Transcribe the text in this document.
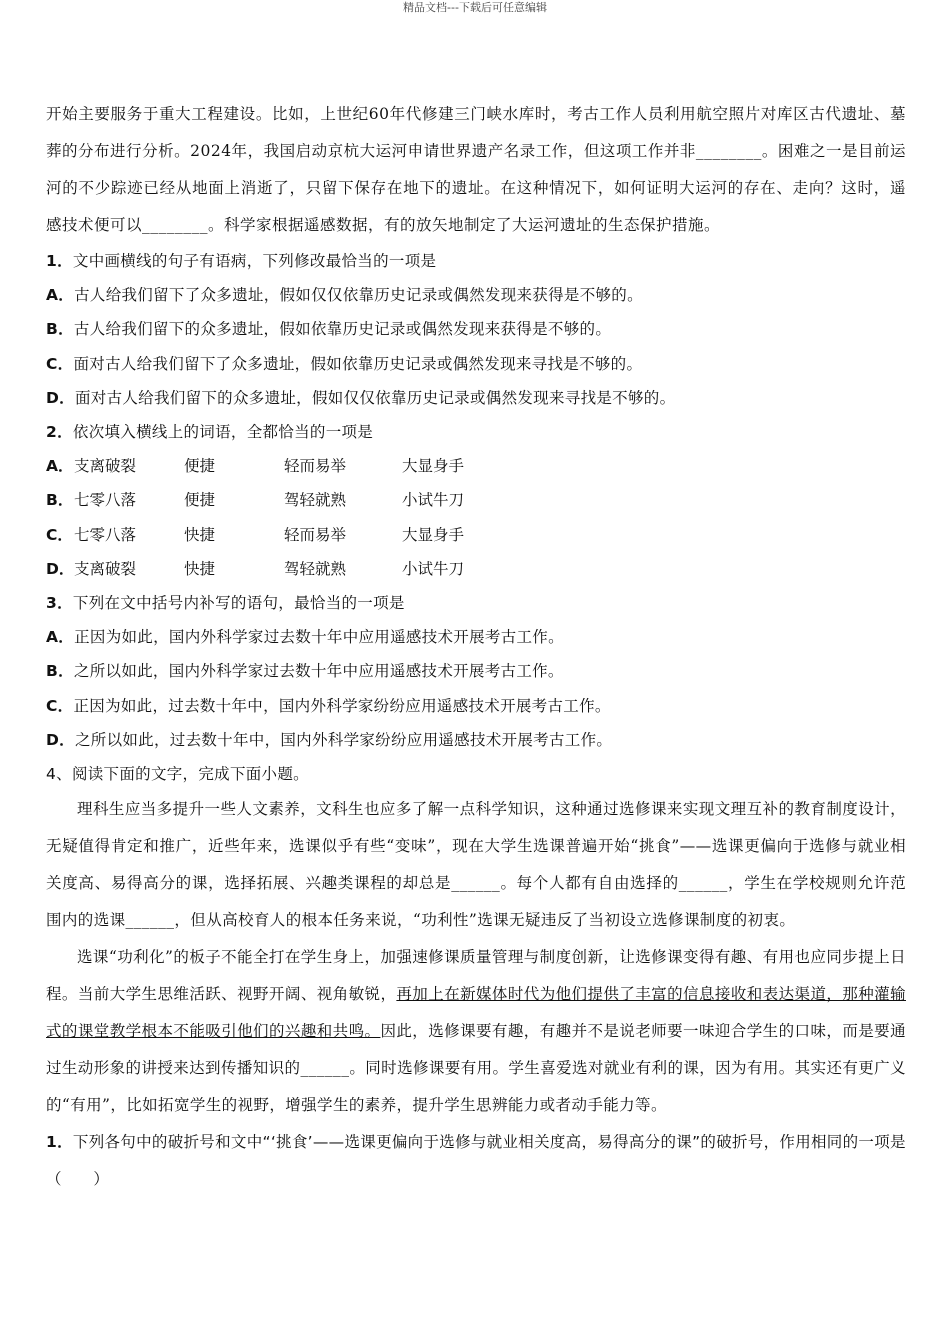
精品文档---下载后可任意编辑

开始主要服务于重大工程建设。比如，上世纪60年代修建三门峡水库时，考古工作人员利用航空照片对库区古代遗址、墓葬的分布进行分析。2024年，我国启动京杭大运河申请世界遗产名录工作，但这项工作并非________。困难之一是目前运河的不少踪迹已经从地面上消逝了，只留下保存在地下的遗址。在这种情况下，如何证明大运河的存在、走向？这时，遥感技术便可以________。科学家根据遥感数据，有的放矢地制定了大运河遗址的生态保护措施。

1．文中画横线的句子有语病，下列修改最恰当的一项是

A．古人给我们留下了众多遗址，假如仅仅依靠历史记录或偶然发现来获得是不够的。

B．古人给我们留下的众多遗址，假如依靠历史记录或偶然发现来获得是不够的。

C．面对古人给我们留下了众多遗址，假如依靠历史记录或偶然发现来寻找是不够的。

D．面对古人给我们留下的众多遗址，假如仅仅依靠历史记录或偶然发现来寻找是不够的。

2．依次填入横线上的词语，全都恰当的一项是

A． 支离破裂	便捷	轻而易举	大显身手
B． 七零八落	便捷	驾轻就熟	小试牛刀
C． 七零八落	快捷	轻而易举	大显身手
D． 支离破裂	快捷	驾轻就熟	小试牛刀

3．下列在文中括号内补写的语句，最恰当的一项是

A．正因为如此，国内外科学家过去数十年中应用遥感技术开展考古工作。

B．之所以如此，国内外科学家过去数十年中应用遥感技术开展考古工作。

C．正因为如此，过去数十年中，国内外科学家纷纷应用遥感技术开展考古工作。

D．之所以如此，过去数十年中，国内外科学家纷纷应用遥感技术开展考古工作。

4、阅读下面的文字，完成下面小题。

理科生应当多提升一些人文素养，文科生也应多了解一点科学知识，这种通过选修课来实现文理互补的教育制度设计，无疑值得肯定和推广，近些年来，选课似乎有些“变味”，现在大学生选课普遍开始“挑食”——选课更偏向于选修与就业相关度高、易得高分的课，选择拓展、兴趣类课程的却总是______。每个人都有自由选择的______，学生在学校规则允许范围内的选课______，但从高校育人的根本任务来说，“功利性”选课无疑违反了当初设立选修课制度的初衷。

选课“功利化”的板子不能全打在学生身上，加强速修课质量管理与制度创新，让选修课变得有趣、有用也应同步提上日程。当前大学生思维活跃、视野开阔、视角敏锐，再加上在新媒体时代为他们提供了丰富的信息接收和表达渠道，那种灌输式的课堂教学根本不能吸引他们的兴趣和共鸣。因此，选修课要有趣，有趣并不是说老师要一味迎合学生的口味，而是要通过生动形象的讲授来达到传播知识的______。同时选修课要有用。学生喜爱选对就业有利的课，因为有用。其实还有更广义的“有用”，比如拓宽学生的视野，增强学生的素养，提升学生思辨能力或者动手能力等。

1．下列各句中的破折号和文中“‘挑食’——选课更偏向于选修与就业相关度高，易得高分的课”的破折号，作用相同的一项是（　　）
